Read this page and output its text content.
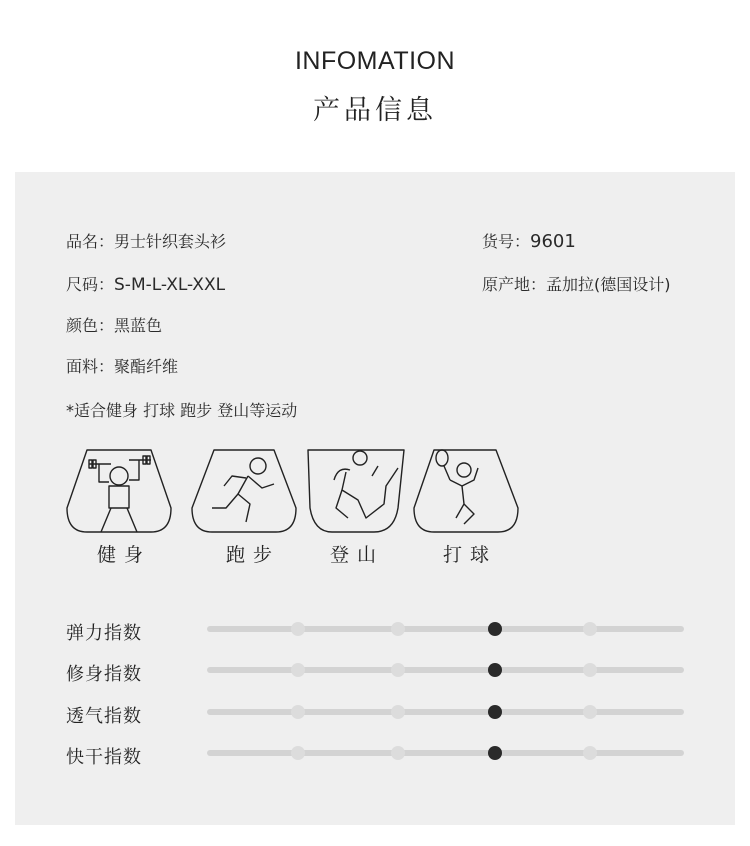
INFOMATION
产品信息
品名：男士针织套头衫	货号：9601
尺码：S-M-L-XL-XXL	原产地：孟加拉(德国设计)
颜色：黑蓝色
面料：聚酯纤维
*适合健身 打球 跑步 登山等运动
健身	跑步	登山	打球
弹力指数
修身指数
透气指数
快干指数
